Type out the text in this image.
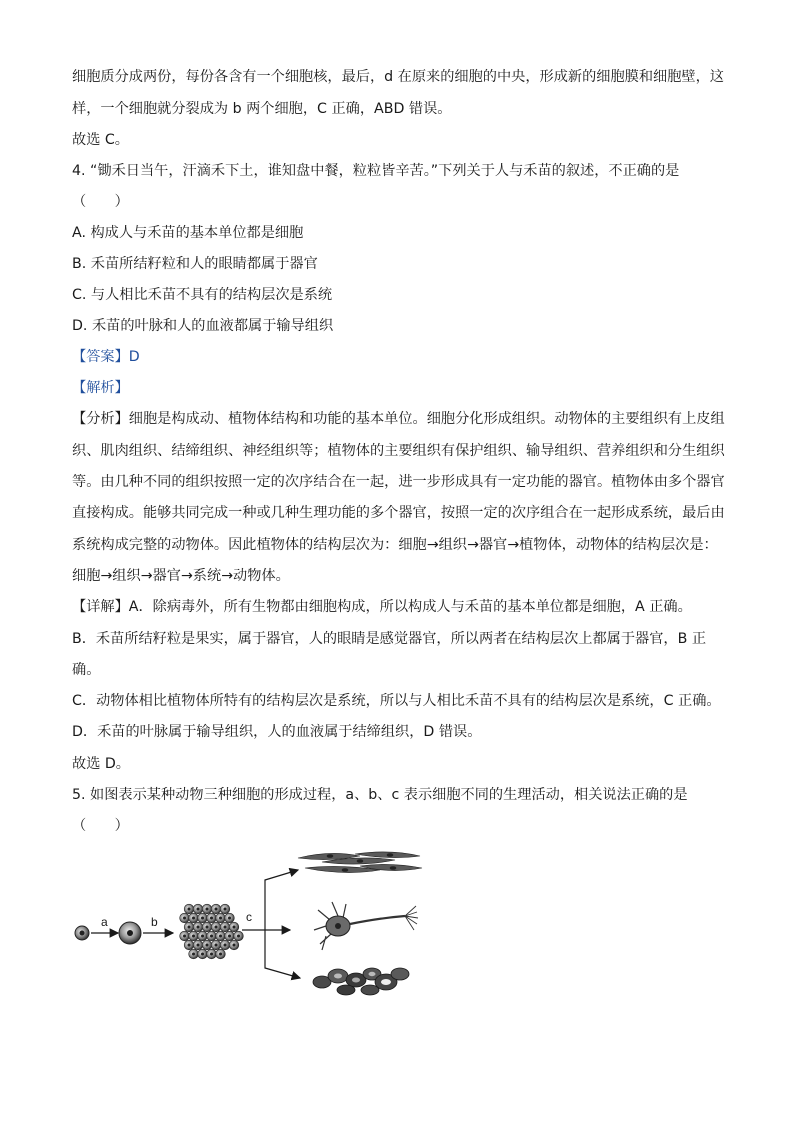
细胞质分成两份，每份各含有一个细胞核，最后，d 在原来的细胞的中央，形成新的细胞膜和细胞壁，这
样，一个细胞就分裂成为 b 两个细胞，C 正确，ABD 错误。
故选 C。
4. “锄禾日当午，汗滴禾下土，谁知盘中餐，粒粒皆辛苦。”下列关于人与禾苗的叙述，不正确的是
（　　）
A. 构成人与禾苗的基本单位都是细胞
B. 禾苗所结籽粒和人的眼睛都属于器官
C. 与人相比禾苗不具有的结构层次是系统
D. 禾苗的叶脉和人的血液都属于输导组织
【答案】D
【解析】
【分析】细胞是构成动、植物体结构和功能的基本单位。细胞分化形成组织。动物体的主要组织有上皮组
织、肌肉组织、结缔组织、神经组织等；植物体的主要组织有保护组织、输导组织、营养组织和分生组织
等。由几种不同的组织按照一定的次序结合在一起，进一步形成具有一定功能的器官。植物体由多个器官
直接构成。能够共同完成一种或几种生理功能的多个器官，按照一定的次序组合在一起形成系统，最后由
系统构成完整的动物体。因此植物体的结构层次为：细胞→组织→器官→植物体，动物体的结构层次是：
细胞→组织→器官→系统→动物体。
【详解】A．除病毒外，所有生物都由细胞构成，所以构成人与禾苗的基本单位都是细胞，A 正确。
B．禾苗所结籽粒是果实，属于器官，人的眼睛是感觉器官，所以两者在结构层次上都属于器官，B 正
确。
C．动物体相比植物体所特有的结构层次是系统，所以与人相比禾苗不具有的结构层次是系统，C 正确。
D．禾苗的叶脉属于输导组织，人的血液属于结缔组织，D 错误。
故选 D。
5. 如图表示某种动物三种细胞的形成过程，a、b、c 表示细胞不同的生理活动，相关说法正确的是
（　　）
a	b	c
